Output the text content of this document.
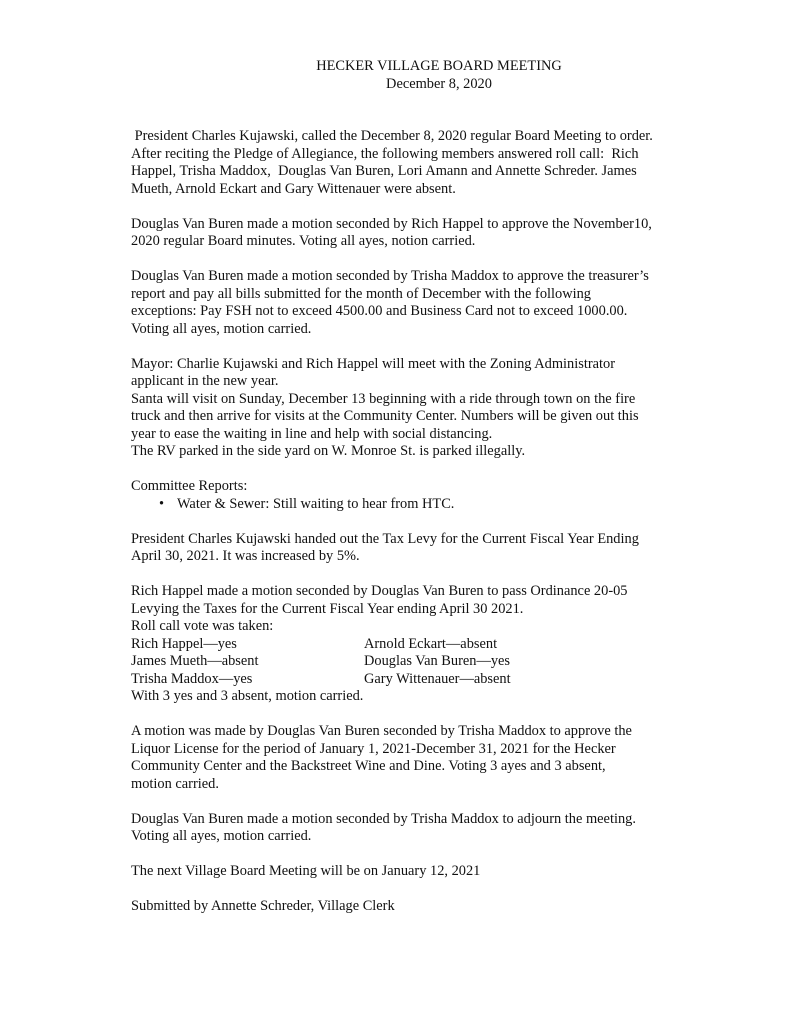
HECKER VILLAGE BOARD MEETING

December 8, 2020

President Charles Kujawski, called the December 8, 2020 regular Board Meeting to order.
After reciting the Pledge of Allegiance, the following members answered roll call:  Rich
Happel, Trisha Maddox,  Douglas Van Buren, Lori Amann and Annette Schreder. James
Mueth, Arnold Eckart and Gary Wittenauer were absent.

Douglas Van Buren made a motion seconded by Rich Happel to approve the November10,
2020 regular Board minutes. Voting all ayes, notion carried.

Douglas Van Buren made a motion seconded by Trisha Maddox to approve the treasurer’s
report and pay all bills submitted for the month of December with the following
exceptions: Pay FSH not to exceed 4500.00 and Business Card not to exceed 1000.00.
Voting all ayes, motion carried.

Mayor: Charlie Kujawski and Rich Happel will meet with the Zoning Administrator
applicant in the new year.
Santa will visit on Sunday, December 13 beginning with a ride through town on the fire
truck and then arrive for visits at the Community Center. Numbers will be given out this
year to ease the waiting in line and help with social distancing.
The RV parked in the side yard on W. Monroe St. is parked illegally.

Committee Reports:

• Water & Sewer: Still waiting to hear from HTC.

President Charles Kujawski handed out the Tax Levy for the Current Fiscal Year Ending
April 30, 2021. It was increased by 5%.

Rich Happel made a motion seconded by Douglas Van Buren to pass Ordinance 20-05
Levying the Taxes for the Current Fiscal Year ending April 30 2021.
Roll call vote was taken:

Rich Happel—yes	Arnold Eckart—absent
James Mueth—absent	Douglas Van Buren—yes
Trisha Maddox—yes	Gary Wittenauer—absent

With 3 yes and 3 absent, motion carried.

A motion was made by Douglas Van Buren seconded by Trisha Maddox to approve the
Liquor License for the period of January 1, 2021-December 31, 2021 for the Hecker
Community Center and the Backstreet Wine and Dine. Voting 3 ayes and 3 absent,
motion carried.

Douglas Van Buren made a motion seconded by Trisha Maddox to adjourn the meeting.
Voting all ayes, motion carried.

The next Village Board Meeting will be on January 12, 2021

Submitted by Annette Schreder, Village Clerk
